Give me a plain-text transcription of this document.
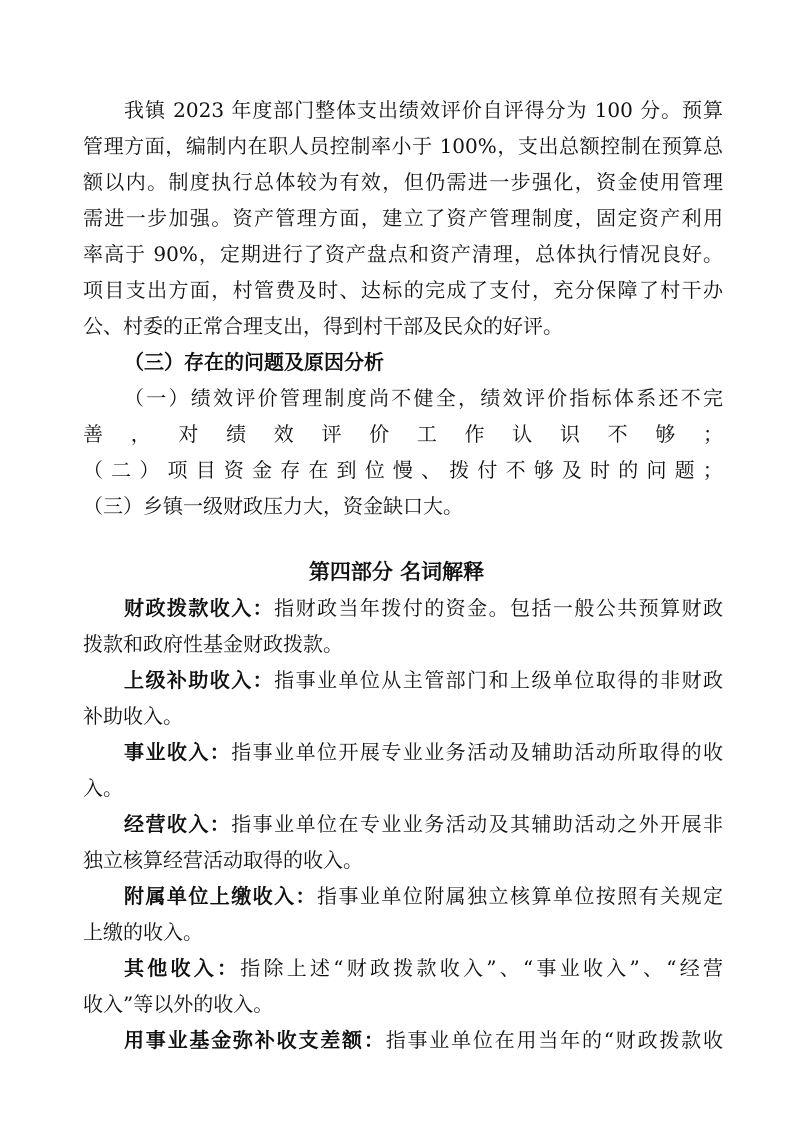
我镇 2023 年度部门整体支出绩效评价自评得分为 100 分。预算
管理方面，编制内在职人员控制率小于 100%，支出总额控制在预算总
额以内。制度执行总体较为有效，但仍需进一步强化，资金使用管理
需进一步加强。资产管理方面，建立了资产管理制度，固定资产利用
率高于 90%，定期进行了资产盘点和资产清理，总体执行情况良好。
项目支出方面，村管费及时、达标的完成了支付，充分保障了村干办
公、村委的正常合理支出，得到村干部及民众的好评。
（三）存在的问题及原因分析
（一）绩效评价管理制度尚不健全，绩效评价指标体系还不完
善 ， 对 绩 效 评 价 工 作 认 识 不 够 ；
（ 二 ） 项 目 资 金 存 在 到 位 慢 、 拨 付 不 够 及 时 的 问 题 ；
（三）乡镇一级财政压力大，资金缺口大。
第四部分 名词解释
财政拨款收入：指财政当年拨付的资金。包括一般公共预算财政
拨款和政府性基金财政拨款。
上级补助收入：指事业单位从主管部门和上级单位取得的非财政
补助收入。
事业收入：指事业单位开展专业业务活动及辅助活动所取得的收
入。
经营收入：指事业单位在专业业务活动及其辅助活动之外开展非
独立核算经营活动取得的收入。
附属单位上缴收入：指事业单位附属独立核算单位按照有关规定
上缴的收入。
其他收入：指除上述“财政拨款收入”、“事业收入”、“经营
收入”等以外的收入。
用事业基金弥补收支差额：指事业单位在用当年的“财政拨款收
